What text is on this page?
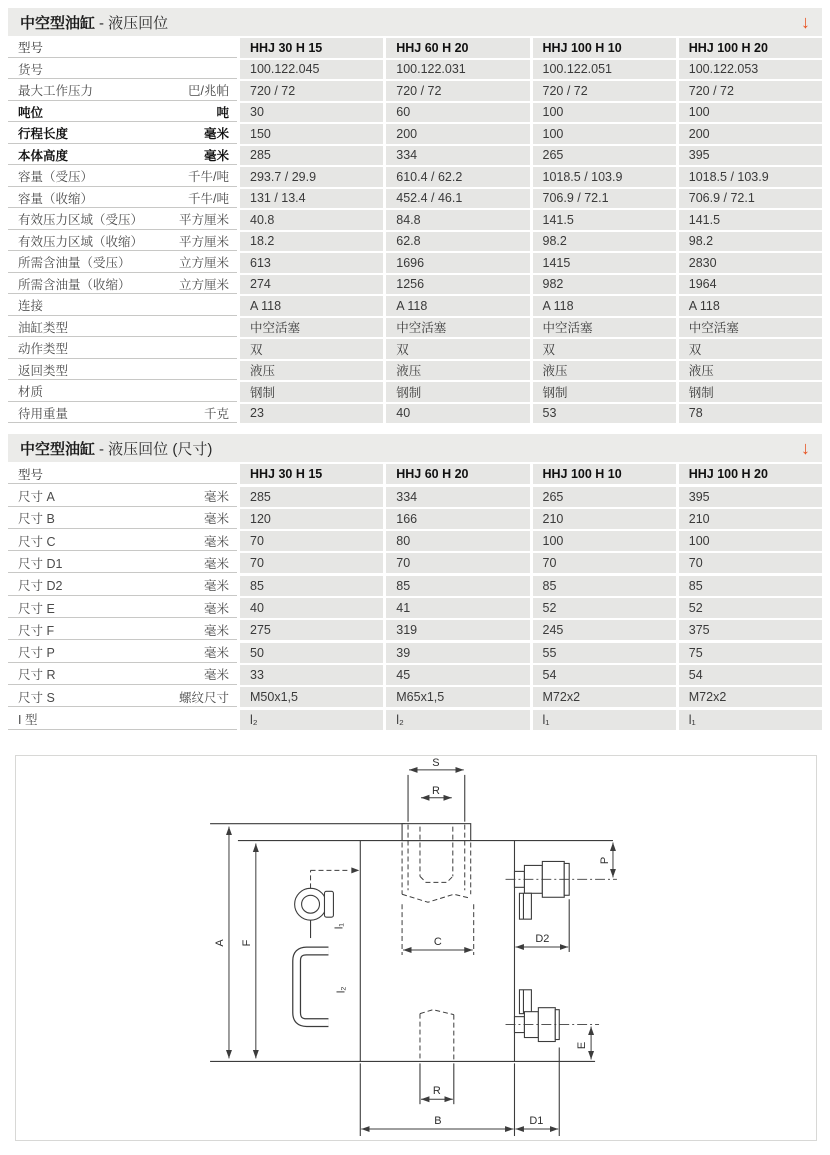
中空型油缸 - 液压回位	↓
型号	HHJ 30 H 15	HHJ 60 H 20	HHJ 100 H 10	HHJ 100 H 20
货号	100.122.045	100.122.031	100.122.051	100.122.053
最大工作压力	巴/兆帕	720 / 72	720 / 72	720 / 72	720 / 72
吨位	吨	30	60	100	100
行程长度	毫米	150	200	100	200
本体高度	毫米	285	334	265	395
容量（受压）	千牛/吨	293.7 / 29.9	610.4 / 62.2	1018.5 / 103.9	1018.5 / 103.9
容量（收缩）	千牛/吨	131 / 13.4	452.4 / 46.1	706.9 / 72.1	706.9 / 72.1
有效压力区域（受压）	平方厘米	40.8	84.8	141.5	141.5
有效压力区域（收缩）	平方厘米	18.2	62.8	98.2	98.2
所需含油量（受压）	立方厘米	613	1696	1415	2830
所需含油量（收缩）	立方厘米	274	1256	982	1964
连接	A 118	A 118	A 118	A 118
油缸类型	中空活塞	中空活塞	中空活塞	中空活塞
动作类型	双	双	双	双
返回类型	液压	液压	液压	液压
材质	钢制	钢制	钢制	钢制
待用重量	千克	23	40	53	78
中空型油缸 - 液压回位 (尺寸)	↓
型号	HHJ 30 H 15	HHJ 60 H 20	HHJ 100 H 10	HHJ 100 H 20
尺寸 A	毫米	285	334	265	395
尺寸 B	毫米	120	166	210	210
尺寸 C	毫米	70	80	100	100
尺寸 D1	毫米	70	70	70	70
尺寸 D2	毫米	85	85	85	85
尺寸 E	毫米	40	41	52	52
尺寸 F	毫米	275	319	245	375
尺寸 P	毫米	50	39	55	75
尺寸 R	毫米	33	45	54	54
尺寸 S	螺纹尺寸	M50x1,5	M65x1,5	M72x2	M72x2
I 型	l₂	l₂	l₁	l₁
S
R
C	D2
P
A F
l₁
l₂
R
B	D1
E
